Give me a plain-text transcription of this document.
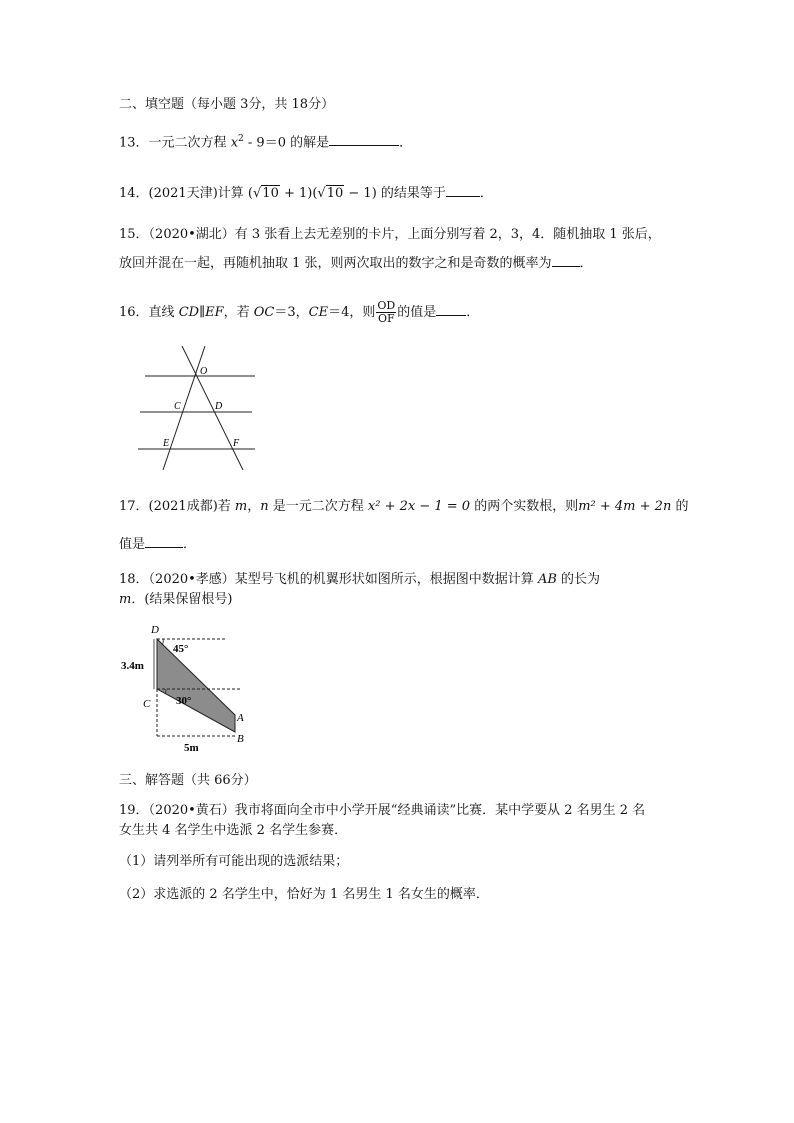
二、填空题（每小题 3分，共 18分）
13．一元二次方程 $x^2 - 9=0$ 的解是	．
14．(2021天津)计算 (√10 + 1)(√10 − 1) 的结果等于	．
15．（2020•湖北）有 3 张看上去无差别的卡片，上面分别写着 2，3，4．随机抽取 1 张后，
放回并混在一起，再随机抽取 1 张，则两次取出的数字之和是奇数的概率为 ．
16．直线 CD∥EF，若 OC＝3，CE＝4，则 $\frac{OD}{OF}$ 的值是 ．
O
C	D
E	F
17．(2021成都)若 m，n 是一元二次方程 x² + 2x − 1 = 0 的两个实数根，则m² + 4m + 2n 的
值是	．
18．（2020•孝感）某型号飞机的机翼形状如图所示，根据图中数据计算 AB 的长为
m．(结果保留根号)
D
C
A
B
45°
30°
3.4m
5m
三、解答题（共 66分）
19．（2020•黄石）我市将面向全市中小学开展“经典诵读”比赛．某中学要从 2 名男生 2 名
女生共 4 名学生中选派 2 名学生参赛．
（1）请列举所有可能出现的选派结果；
（2）求选派的 2 名学生中，恰好为 1 名男生 1 名女生的概率．
